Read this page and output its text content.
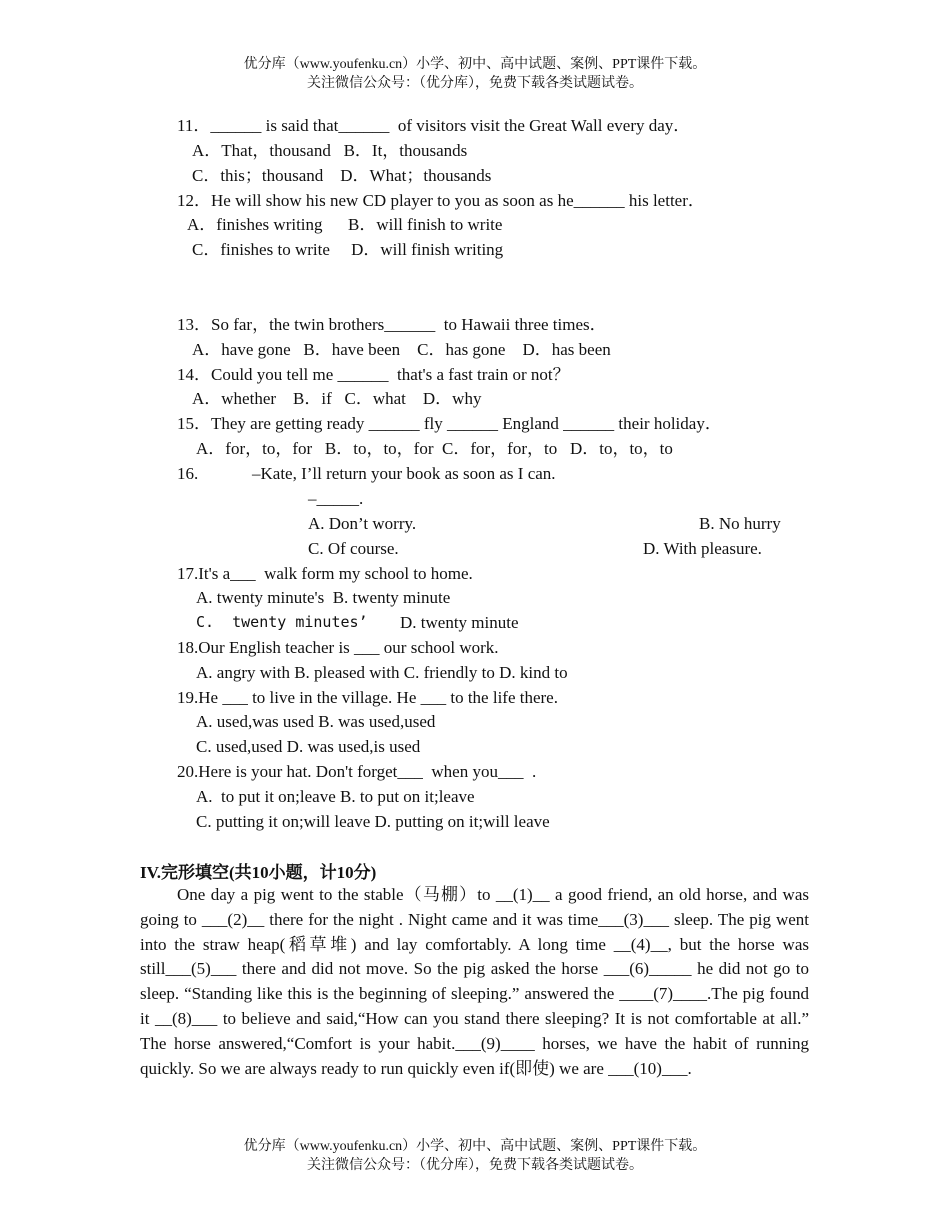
优分库（www.youfenku.cn）小学、初中、高中试题、案例、PPT课件下载。
关注微信公众号：（优分库），免费下载各类试题试卷。
11．______ is said that______  of visitors visit the Great Wall every day．
A．That，thousand   B．It，thousands
C．this；thousand    D．What；thousands
12．He will show his new CD player to you as soon as he______ his letter．
A．finishes writing      B．will finish to write
C．finishes to write     D．will finish writing
13．So far，the twin brothers______  to Hawaii three times．
A．have gone   B．have been    C．has gone    D．has been
14．Could you tell me ______  that's a fast train or not？
A．whether    B．if   C．what    D．why
15．They are getting ready ______ fly ______ England ______ their holiday．
A．for，to，for   B．to，to，for  C．for，for，to   D．to，to，to
16.	–Kate, I’ll return your book as soon as I can.
–_____.
A. Don’t worry.	B. No hurry
C. Of course.	D. With pleasure.
17.It's a___  walk form my school to home.
A. twenty minute's  B. twenty minute
C.  twenty minutes’ D. twenty minute
18.Our English teacher is ___ our school work.
A. angry with B. pleased with C. friendly to D. kind to
19.He ___ to live in the village. He ___ to the life there.
A. used,was used B. was used,used
C. used,used D. was used,is used
20.Here is your hat. Don't forget___  when you___  .
A.  to put it on;leave B. to put on it;leave
C. putting it on;will leave D. putting on it;will leave
IV.完形填空(共10小题，计10分)
One day a pig went to the stable（马棚）to __(1)__ a good friend, an old horse, and was going to ___(2)__ there for the night . Night came and it was time___(3)___ sleep. The pig went into the straw heap(稻草堆) and lay comfortably. A long time __(4)__, but the horse was still___(5)___ there and did not move. So the pig asked the horse ___(6)_____ he did not go to sleep. “Standing like this is the beginning of sleeping.” answered the ____(7)____.The pig found it __(8)___ to believe and said,“How can you stand there sleeping? It is not comfortable at all.” The horse answered,“Comfort is your habit.___(9)____ horses, we have the habit of running quickly. So we are always ready to run quickly even if(即使) we are ___(10)___.
优分库（www.youfenku.cn）小学、初中、高中试题、案例、PPT课件下载。
关注微信公众号：（优分库），免费下载各类试题试卷。
